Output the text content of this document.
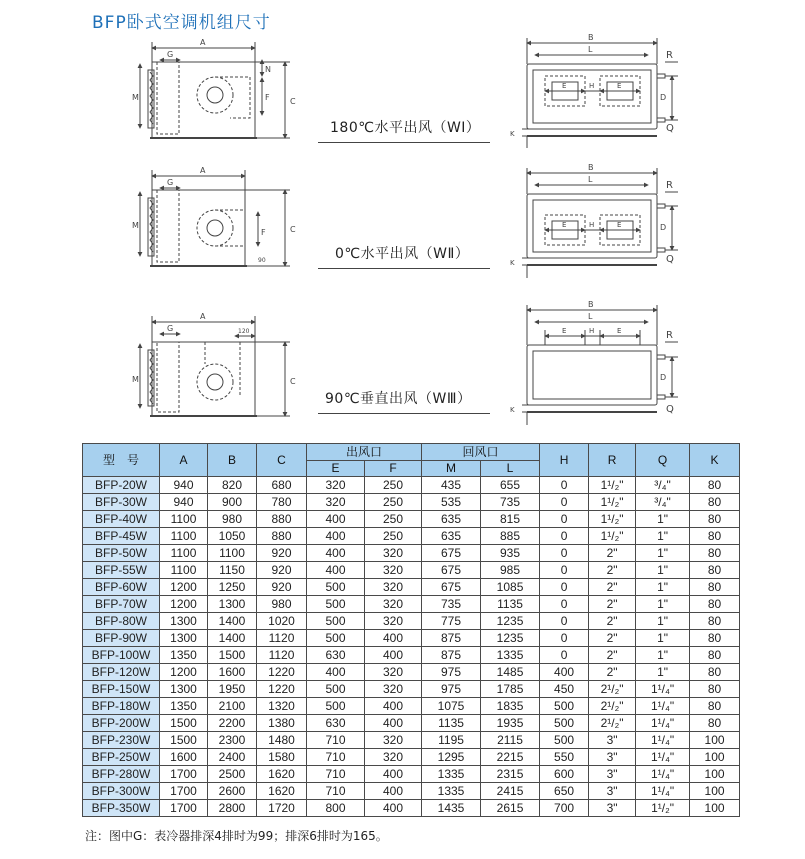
BFP卧式空调机组尺寸
A
G
M
N
F	C
A
G
M
F
90
C
A
120
G
M	C
B
L
E	H	E
R
D
Q
K
B
L
E	H	E
R
D
Q
K
B
L
E	H	E	R
D
Q
K
180℃水平出风（WⅠ）
0℃水平出风（WⅡ）
90℃垂直出风（WⅢ）
型　号	A	B	C	出风口		回风口		H	R	Q	K
				E	F	M	L				
BFP-20W	940	820	680	320	250	435	655	0	1¹/₂"	³/₄"	80
BFP-30W	940	900	780	320	250	535	735	0	1¹/₂"	³/₄"	80
BFP-40W	1100	980	880	400	250	635	815	0	1¹/₂"	1"	80
BFP-45W	1100	1050	880	400	250	635	885	0	1¹/₂"	1"	80
BFP-50W	1100	1100	920	400	320	675	935	0	2"	1"	80
BFP-55W	1100	1150	920	400	320	675	985	0	2"	1"	80
BFP-60W	1200	1250	920	500	320	675	1085	0	2"	1"	80
BFP-70W	1200	1300	980	500	320	735	1135	0	2"	1"	80
BFP-80W	1300	1400	1020	500	320	775	1235	0	2"	1"	80
BFP-90W	1300	1400	1120	500	400	875	1235	0	2"	1"	80
BFP-100W	1350	1500	1120	630	400	875	1335	0	2"	1"	80
BFP-120W	1200	1600	1220	400	320	975	1485	400	2"	1"	80
BFP-150W	1300	1950	1220	500	320	975	1785	450	2¹/₂"	1¹/₄"	80
BFP-180W	1350	2100	1320	500	400	1075	1835	500	2¹/₂"	1¹/₄"	80
BFP-200W	1500	2200	1380	630	400	1135	1935	500	2¹/₂"	1¹/₄"	80
BFP-230W	1500	2300	1480	710	320	1195	2115	500	3"	1¹/₄"	100
BFP-250W	1600	2400	1580	710	320	1295	2215	550	3"	1¹/₄"	100
BFP-280W	1700	2500	1620	710	400	1335	2315	600	3"	1¹/₄"	100
BFP-300W	1700	2600	1620	710	400	1335	2415	650	3"	1¹/₄"	100
BFP-350W	1700	2800	1720	800	400	1435	2615	700	3"	1¹/₂"	100
注：图中G：表冷器排深4排时为99；排深6排时为165。
